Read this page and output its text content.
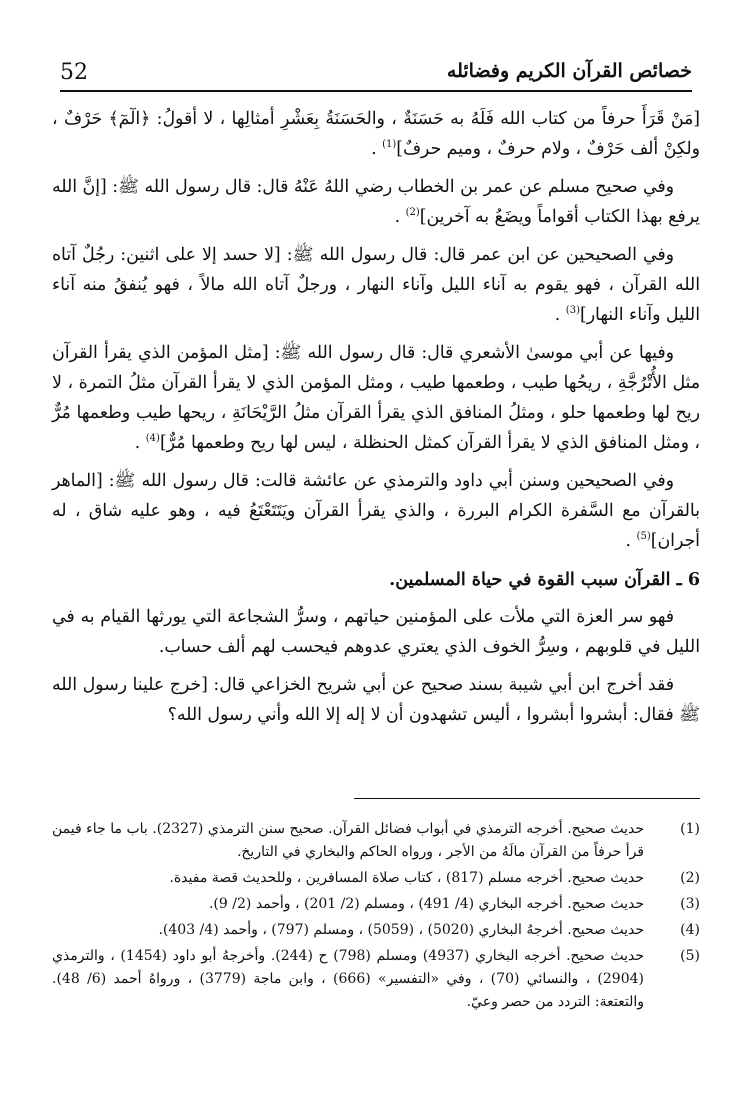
52	خصائص القرآن الكريم وفضائله

[مَنْ قَرَأَ حرفاً من كتاب الله فَلَهُ به حَسَنَةٌ ، والحَسَنَةُ بِعَشْرِ أمثالِها ، لا أقولُ: ﴿الٓمٓ﴾ حَرْفٌ ، ولكِنْ ألف حَرْفٌ ، ولام حرفٌ ، وميم حرفٌ]$^{(1)}$ .

وفي صحيح مسلم عن عمر بن الخطاب رضي اللهُ عَنْهُ قال: قال رسول الله ﷺ: [إنَّ الله يرفع بهذا الكتاب أقواماً ويضَعُ به آخرين]$^{(2)}$ .

وفي الصحيحين عن ابن عمر قال: قال رسول الله ﷺ: [لا حسد إلا على اثنين: رجُلٌ آتاه الله القرآن ، فهو يقوم به آناء الليل وآناء النهار ، ورجلٌ آتاه الله مالاً ، فهو يُنفقُ منه آناء الليل وآناء النهار]$^{(3)}$ .

وفيها عن أبي موسىٰ الأشعري قال: قال رسول الله ﷺ: [مثل المؤمن الذي يقرأ القرآن مثل الأُتْرُجَّةِ ، ريحُها طيب ، وطعمها طيب ، ومثل المؤمن الذي لا يقرأ القرآن مثلُ التمرة ، لا ريح لها وطعمها حلو ، ومثلُ المنافق الذي يقرأ القرآن مثلُ الرَّيْحَانَةِ ، ريحها طيب وطعمها مُرٌّ ، ومثل المنافق الذي لا يقرأ القرآن كمثل الحنظلة ، ليس لها ريح وطعمها مُرٌّ]$^{(4)}$ .

وفي الصحيحين وسنن أبي داود والترمذي عن عائشة قالت: قال رسول الله ﷺ: [الماهر بالقرآن مع السَّفرة الكرام البررة ، والذي يقرأ القرآن ويَتَتَعْتَعُ فيه ، وهو عليه شاق ، له أجران]$^{(5)}$ .

6 ـ القرآن سبب القوة في حياة المسلمين.

فهو سر العزة التي ملأت على المؤمنين حياتهم ، وسرُّ الشجاعة التي يورثها القيام به في الليل في قلوبهم ، وسِرُّ الخوف الذي يعتري عدوهم فيحسب لهم ألف حساب.

فقد أخرج ابن أبي شيبة بسند صحيح عن أبي شريح الخزاعي قال: [خرج علينا رسول الله ﷺ فقال: أبشروا أبشروا ، أليس تشهدون أن لا إله إلا الله وأني رسول الله؟

(1)
حديث صحيح. أخرجه الترمذي في أبواب فضائل القرآن. صحيح سنن الترمذي (2327). باب ما جاء فيمن قرأ حرفاً من القرآن مالَهُ من الأجر ، ورواه الحاكم والبخاري في التاريخ.
(2)
حديث صحيح. أخرجه مسلم (817) ، كتاب صلاة المسافرين ، وللحديث قصة مفيدة.
(3)
حديث صحيح. أخرجه البخاري (4/ 491) ، ومسلم (2/ 201) ، وأحمد (2/ 9).
(4)
حديث صحيح. أخرجهُ البخاري (5020) ، (5059) ، ومسلم (797) ، وأحمد (4/ 403).
(5)
حديث صحيح. أخرجه البخاري (4937) ومسلم (798) ح (244). وأخرجهُ أبو داود (1454) ، والترمذي (2904) ، والنسائي (70) ، وفي «التفسير» (666) ، وابن ماجة (3779) ، ورواهُ أحمد (6/ 48). والتعتعة: التردد من حصر وعيّ.
